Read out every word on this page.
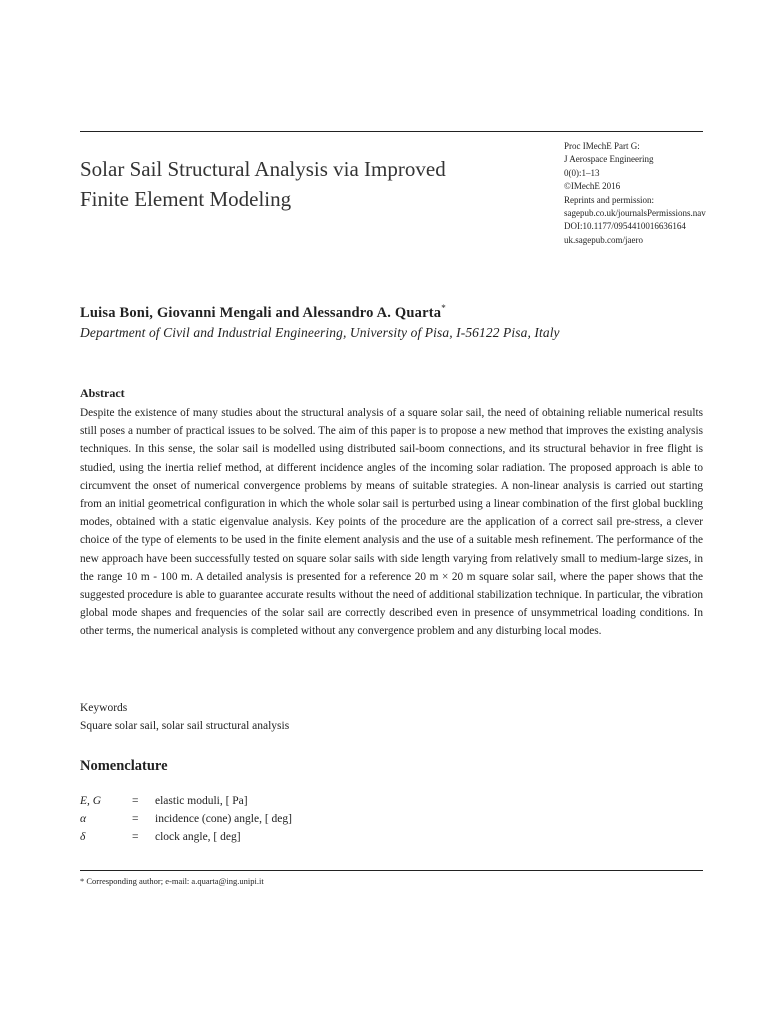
Solar Sail Structural Analysis via Improved
Finite Element Modeling
Proc IMechE Part G:
J Aerospace Engineering
0(0):1–13
©IMechE 2016
Reprints and permission:
sagepub.co.uk/journalsPermissions.nav
DOI:10.1177/0954410016636164
uk.sagepub.com/jaero
Luisa Boni, Giovanni Mengali and Alessandro A. Quarta*
Department of Civil and Industrial Engineering, University of Pisa, I-56122 Pisa, Italy
Abstract

Despite the existence of many studies about the structural analysis of a square solar sail, the need of obtaining reliable numerical results still poses a number of practical issues to be solved. The aim of this paper is to propose a new method that improves the existing analysis techniques. In this sense, the solar sail is modelled using distributed sail-boom connections, and its structural behavior in free flight is studied, using the inertia relief method, at different incidence angles of the incoming solar radiation. The proposed approach is able to circumvent the onset of numerical convergence problems by means of suitable strategies. A non-linear analysis is carried out starting from an initial geometrical configuration in which the whole solar sail is perturbed using a linear combination of the first global buckling modes, obtained with a static eigenvalue analysis. Key points of the procedure are the application of a correct sail pre-stress, a clever choice of the type of elements to be used in the finite element analysis and the use of a suitable mesh refinement. The performance of the new approach have been successfully tested on square solar sails with side length varying from relatively small to medium-large sizes, in the range 10 m - 100 m. A detailed analysis is presented for a reference 20 m × 20 m square solar sail, where the paper shows that the suggested procedure is able to guarantee accurate results without the need of additional stabilization technique. In particular, the vibration global mode shapes and frequencies of the solar sail are correctly described even in presence of unsymmetrical loading conditions. In other terms, the numerical analysis is completed without any convergence problem and any disturbing local modes.

Keywords
Square solar sail, solar sail structural analysis
Nomenclature
E, G	= elastic moduli, [ Pa]
α	= incidence (cone) angle, [ deg]
δ	= clock angle, [ deg]
* Corresponding author; e-mail: a.quarta@ing.unipi.it
